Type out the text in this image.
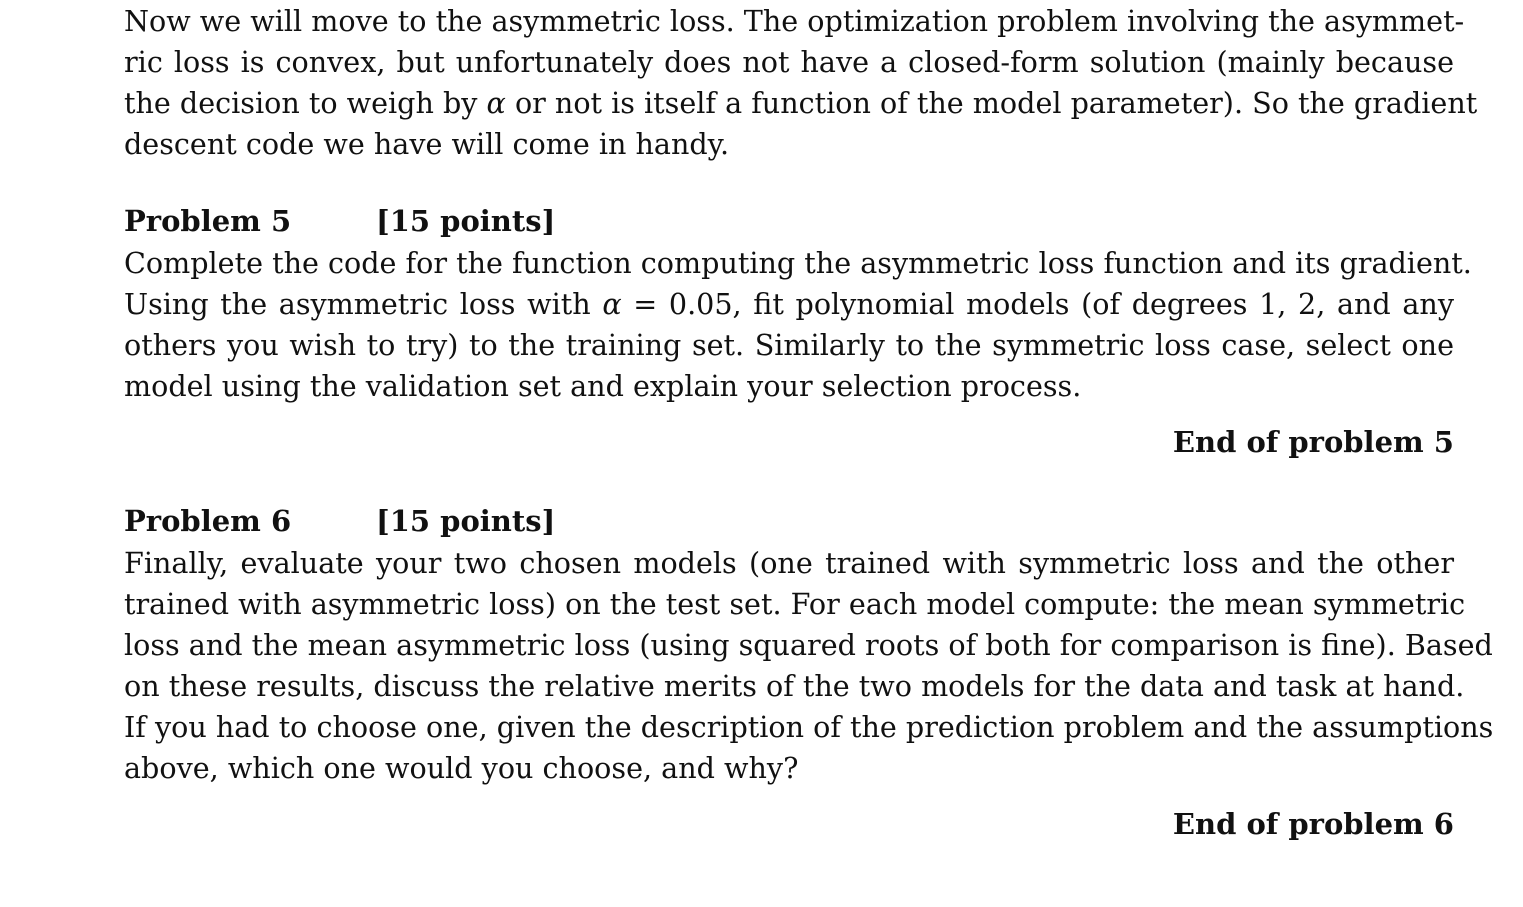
Now we will move to the asymmetric loss. The optimization problem involving the asymmet-
ric loss is convex, but unfortunately does not have a closed-form solution (mainly because
the decision to weigh by α or not is itself a function of the model parameter). So the gradient
descent code we have will come in handy.
Problem 5	[15 points]
Complete the code for the function computing the asymmetric loss function and its gradient.
Using the asymmetric loss with α = 0.05, fit polynomial models (of degrees 1, 2, and any
others you wish to try) to the training set. Similarly to the symmetric loss case, select one
model using the validation set and explain your selection process.
End of problem 5
Problem 6	[15 points]
Finally, evaluate your two chosen models (one trained with symmetric loss and the other
trained with asymmetric loss) on the test set. For each model compute: the mean symmetric
loss and the mean asymmetric loss (using squared roots of both for comparison is fine). Based
on these results, discuss the relative merits of the two models for the data and task at hand.
If you had to choose one, given the description of the prediction problem and the assumptions
above, which one would you choose, and why?
End of problem 6
